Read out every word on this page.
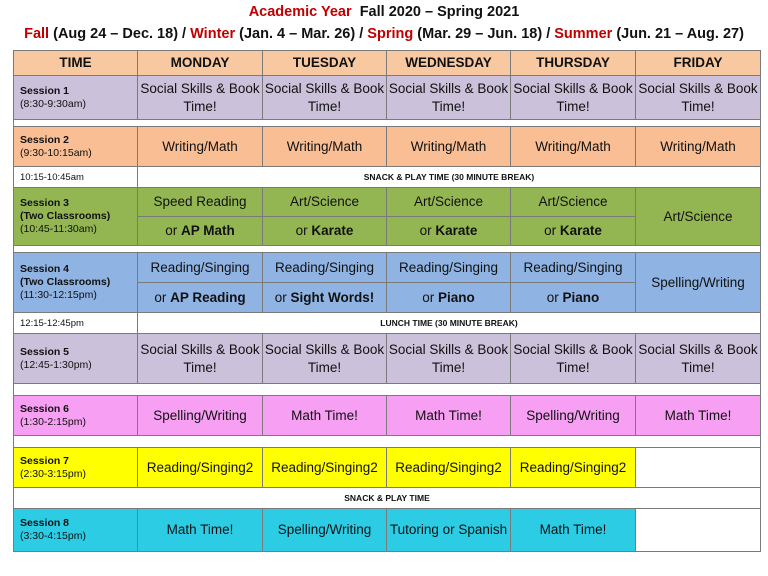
Academic Year Fall 2020 – Spring 2021
Fall (Aug 24 – Dec. 18) / Winter (Jan. 4 – Mar. 26) / Spring (Mar. 29 – Jun. 18) / Summer (Jun. 21 – Aug. 27)
TIME	MONDAY	TUESDAY	WEDNESDAY	THURSDAY	FRIDAY
Session 1
(8:30-9:30am)	Social Skills & Book Time!	Social Skills & Book Time!	Social Skills & Book Time!	Social Skills & Book Time!	Social Skills & Book Time!

Session 2
(9:30-10:15am)	Writing/Math	Writing/Math	Writing/Math	Writing/Math	Writing/Math
10:15-10:45am	SNACK & PLAY TIME (30 MINUTE BREAK)				
Session 3
(Two Classrooms)
(10:45-11:30am)	Speed Reading	Art/Science	Art/Science	Art/Science	Art/Science
	or AP Math	or Karate	or Karate	or Karate	

Session 4
(Two Classrooms)
(11:30-12:15pm)	Reading/Singing	Reading/Singing	Reading/Singing	Reading/Singing	Spelling/Writing
	or AP Reading	or Sight Words!	or Piano	or Piano	
12:15-12:45pm	LUNCH TIME (30 MINUTE BREAK)				
Session 5
(12:45-1:30pm)	Social Skills & Book Time!	Social Skills & Book Time!	Social Skills & Book Time!	Social Skills & Book Time!	Social Skills & Book Time!

Session 6
(1:30-2:15pm)	Spelling/Writing	Math Time!	Math Time!	Spelling/Writing	Math Time!

Session 7
(2:30-3:15pm)	Reading/Singing2	Reading/Singing2	Reading/Singing2	Reading/Singing2	
SNACK & PLAY TIME					
Session 8
(3:30-4:15pm)	Math Time!	Spelling/Writing	Tutoring or Spanish	Math Time!	
